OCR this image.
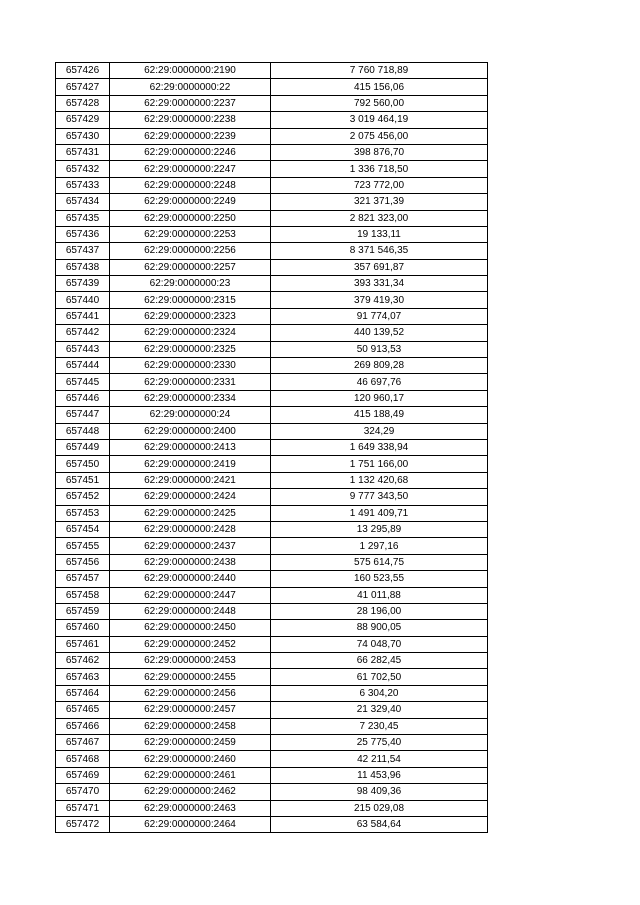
657426	62:29:0000000:2190	7 760 718,89
657427	62:29:0000000:22	415 156,06
657428	62:29:0000000:2237	792 560,00
657429	62:29:0000000:2238	3 019 464,19
657430	62:29:0000000:2239	2 075 456,00
657431	62:29:0000000:2246	398 876,70
657432	62:29:0000000:2247	1 336 718,50
657433	62:29:0000000:2248	723 772,00
657434	62:29:0000000:2249	321 371,39
657435	62:29:0000000:2250	2 821 323,00
657436	62:29:0000000:2253	19 133,11
657437	62:29:0000000:2256	8 371 546,35
657438	62:29:0000000:2257	357 691,87
657439	62:29:0000000:23	393 331,34
657440	62:29:0000000:2315	379 419,30
657441	62:29:0000000:2323	91 774,07
657442	62:29:0000000:2324	440 139,52
657443	62:29:0000000:2325	50 913,53
657444	62:29:0000000:2330	269 809,28
657445	62:29:0000000:2331	46 697,76
657446	62:29:0000000:2334	120 960,17
657447	62:29:0000000:24	415 188,49
657448	62:29:0000000:2400	324,29
657449	62:29:0000000:2413	1 649 338,94
657450	62:29:0000000:2419	1 751 166,00
657451	62:29:0000000:2421	1 132 420,68
657452	62:29:0000000:2424	9 777 343,50
657453	62:29:0000000:2425	1 491 409,71
657454	62:29:0000000:2428	13 295,89
657455	62:29:0000000:2437	1 297,16
657456	62:29:0000000:2438	575 614,75
657457	62:29:0000000:2440	160 523,55
657458	62:29:0000000:2447	41 011,88
657459	62:29:0000000:2448	28 196,00
657460	62:29:0000000:2450	88 900,05
657461	62:29:0000000:2452	74 048,70
657462	62:29:0000000:2453	66 282,45
657463	62:29:0000000:2455	61 702,50
657464	62:29:0000000:2456	6 304,20
657465	62:29:0000000:2457	21 329,40
657466	62:29:0000000:2458	7 230,45
657467	62:29:0000000:2459	25 775,40
657468	62:29:0000000:2460	42 211,54
657469	62:29:0000000:2461	11 453,96
657470	62:29:0000000:2462	98 409,36
657471	62:29:0000000:2463	215 029,08
657472	62:29:0000000:2464	63 584,64
